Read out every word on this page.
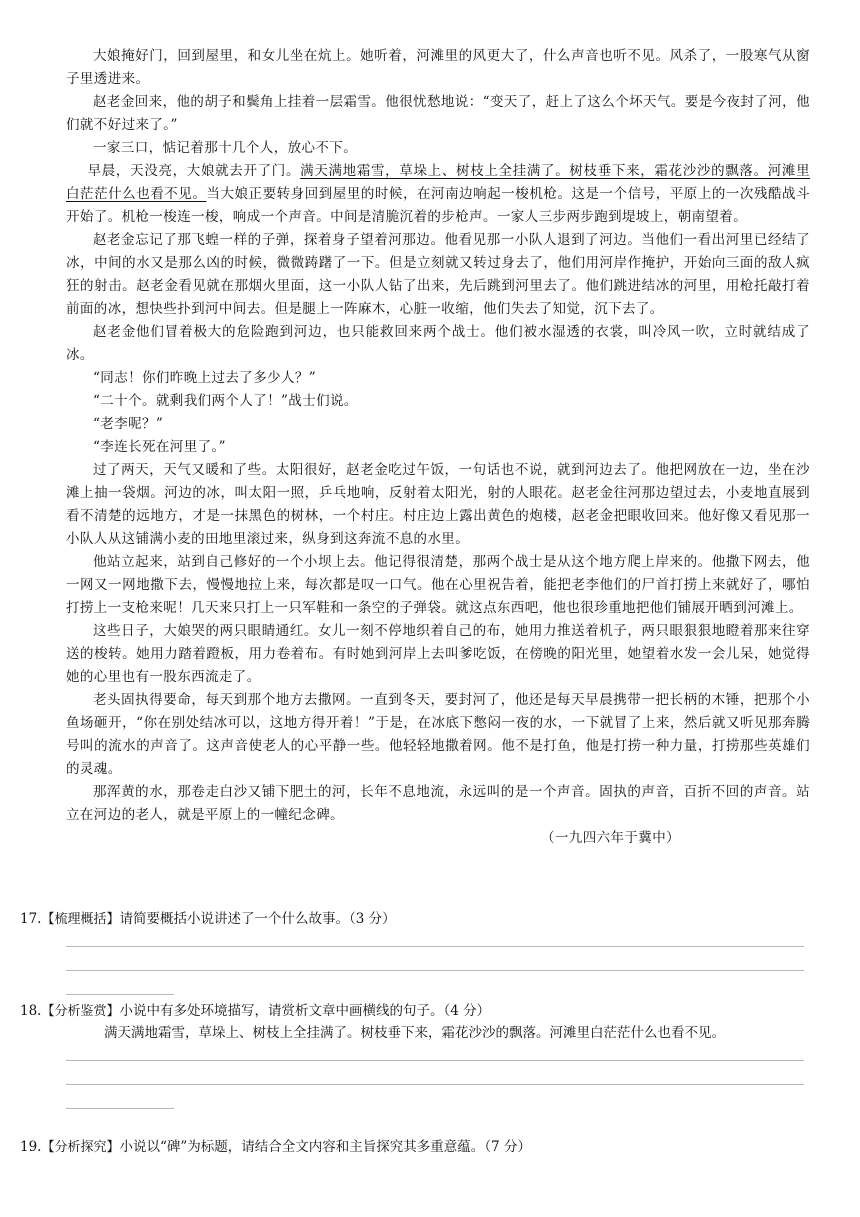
大娘掩好门，回到屋里，和女儿坐在炕上。她听着，河滩里的风更大了，什么声音也听不见。风杀了，一股寒气从窗子里透进来。

赵老金回来，他的胡子和鬓角上挂着一层霜雪。他很忧愁地说：“变天了，赶上了这么个坏天气。要是今夜封了河，他们就不好过来了。”

一家三口，惦记着那十几个人，放心不下。

早晨，天没亮，大娘就去开了门。满天满地霜雪，草垛上、树枝上全挂满了。树枝垂下来，霜花沙沙的飘落。河滩里白茫茫什么也看不见。当大娘正要转身回到屋里的时候，在河南边响起一梭机枪。这是一个信号，平原上的一次残酷战斗开始了。机枪一梭连一梭，响成一个声音。中间是清脆沉着的步枪声。一家人三步两步跑到堤坡上，朝南望着。

赵老金忘记了那飞蝗一样的子弹，探着身子望着河那边。他看见那一小队人退到了河边。当他们一看出河里已经结了冰，中间的水又是那么凶的时候，微微踌躇了一下。但是立刻就又转过身去了，他们用河岸作掩护，开始向三面的敌人疯狂的射击。赵老金看见就在那烟火里面，这一小队人钻了出来，先后跳到河里去了。他们跳进结冰的河里，用枪托敲打着前面的冰，想快些扑到河中间去。但是腿上一阵麻木，心脏一收缩，他们失去了知觉，沉下去了。

赵老金他们冒着极大的危险跑到河边，也只能救回来两个战士。他们被水湿透的衣裳，叫冷风一吹，立时就结成了冰。

“同志！你们昨晚上过去了多少人？”

“二十个。就剩我们两个人了！”战士们说。

“老李呢？”

“李连长死在河里了。”

过了两天，天气又暖和了些。太阳很好，赵老金吃过午饭，一句话也不说，就到河边去了。他把网放在一边，坐在沙滩上抽一袋烟。河边的冰，叫太阳一照，乒乓地响，反射着太阳光，射的人眼花。赵老金往河那边望过去，小麦地直展到看不清楚的远地方，才是一抹黑色的树林，一个村庄。村庄边上露出黄色的炮楼，赵老金把眼收回来。他好像又看见那一小队人从这铺满小麦的田地里滚过来，纵身到这奔流不息的水里。

他站立起来，站到自己修好的一个小坝上去。他记得很清楚，那两个战士是从这个地方爬上岸来的。他撒下网去，他一网又一网地撒下去，慢慢地拉上来，每次都是叹一口气。他在心里祝告着，能把老李他们的尸首打捞上来就好了，哪怕打捞上一支枪来呢！几天来只打上一只军鞋和一条空的子弹袋。就这点东西吧，他也很珍重地把他们铺展开晒到河滩上。

这些日子，大娘哭的两只眼睛通红。女儿一刻不停地织着自己的布，她用力推送着机子，两只眼狠狠地瞪着那来往穿送的梭转。她用力踏着蹬板，用力卷着布。有时她到河岸上去叫爹吃饭，在傍晚的阳光里，她望着水发一会儿呆，她觉得她的心里也有一股东西流走了。

老头固执得要命，每天到那个地方去撒网。一直到冬天，要封河了，他还是每天早晨携带一把长柄的木锤，把那个小鱼场砸开，“你在别处结冰可以，这地方得开着！”于是，在冰底下憋闷一夜的水，一下就冒了上来，然后就又听见那奔腾号叫的流水的声音了。这声音使老人的心平静一些。他轻轻地撒着网。他不是打鱼，他是打捞一种力量，打捞那些英雄们的灵魂。

那浑黄的水，那卷走白沙又铺下肥土的河，长年不息地流，永远叫的是一个声音。固执的声音，百折不回的声音。站立在河边的老人，就是平原上的一幢纪念碑。

（一九四六年于冀中）
17.【梳理概括】请简要概括小说讲述了一个什么故事。（3 分）
18.【分析鉴赏】小说中有多处环境描写，请赏析文章中画横线的句子。（4 分）
满天满地霜雪，草垛上、树枝上全挂满了。树枝垂下来，霜花沙沙的飘落。河滩里白茫茫什么也看不见。
19.【分析探究】小说以“碑”为标题，请结合全文内容和主旨探究其多重意蕴。（7 分）
